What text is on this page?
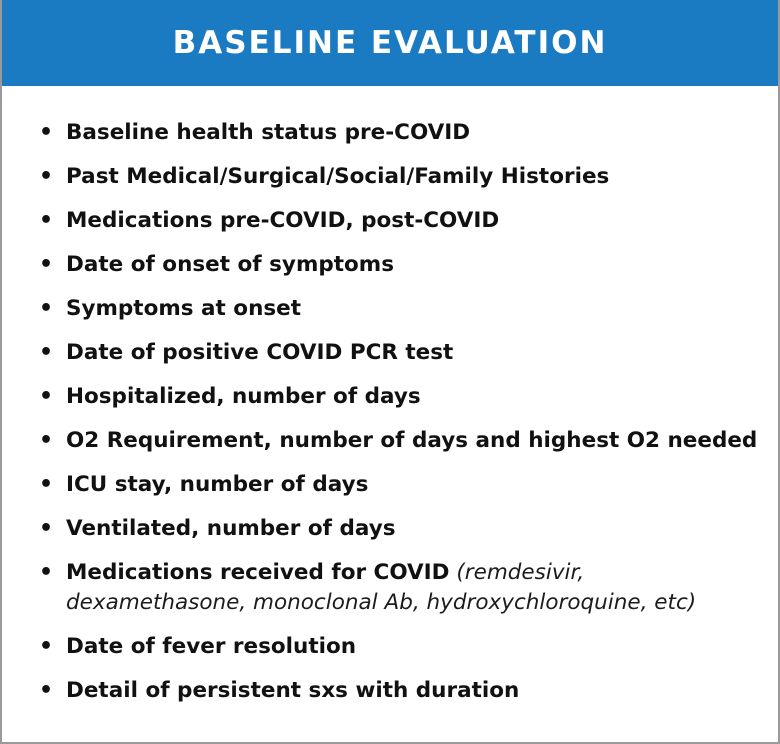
BASELINE EVALUATION
• Baseline health status pre-COVID
• Past Medical/Surgical/Social/Family Histories
• Medications pre-COVID, post-COVID
• Date of onset of symptoms
• Symptoms at onset
• Date of positive COVID PCR test
• Hospitalized, number of days
• O2 Requirement, number of days and highest O2 needed
• ICU stay, number of days
• Ventilated, number of days
• Medications received for COVID (remdesivir, dexamethasone, monoclonal Ab, hydroxychloroquine, etc)
• Date of fever resolution
• Detail of persistent sxs with duration
